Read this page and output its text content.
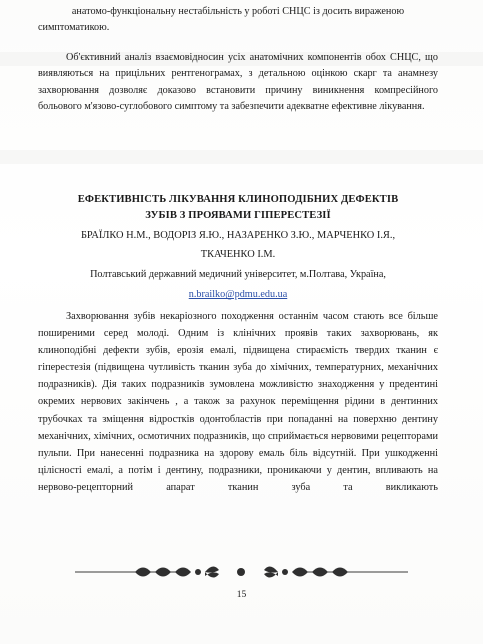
анатомо-функціональну нестабільність у роботі СНЦС із досить вираженою

симптоматикою.

Об'єктивний аналіз взаємовідносин усіх анатомічних компонентів обох СНЦС, що виявляються на прицільних рентгенограмах, з детальною оцінкою скарг та анамнезу захворювання дозволяє доказово встановити причину виникнення компресійного больового м'язово-суглобового симптому та забезпечити адекватне ефективне лікування.

ЕФЕКТИВНІСТЬ ЛІКУВАННЯ КЛИНОПОДІБНИХ ДЕФЕКТІВ

ЗУБІВ З ПРОЯВАМИ ГІПЕРЕСТЕЗІЇ

БРАЇЛКО Н.М., ВОДОРІЗ Я.Ю., НАЗАРЕНКО З.Ю., МАРЧЕНКО І.Я.,

ТКАЧЕНКО І.М.

Полтавський державний медичний університет, м.Полтава, Україна,

n.brailko@pdmu.edu.ua

Захворювання зубів некаріозного походження останнім часом стають все більше поширеними серед молоді. Одним із клінічних проявів таких захворювань, як клиноподібні дефекти зубів, ерозія емалі, підвищена стираємість твердих тканин є гіперестезія (підвищена чутливість тканин зуба до хімічних, температурних, механічних подразників). Дія таких подразників зумовлена можливістю знаходження у предентині окремих нервових закінчень , а також за рахунок переміщення рідини в дентинних трубочках та зміщення відростків одонтобластів при попаданні на поверхню дентину механічних, хімічних, осмотичних подразників, що сприймається нервовими рецепторами пульпи. При нанесенні подразника на здорову емаль біль відсутній. При ушкодженні цілісності емалі, а потім і дентину, подразники, проникаючи у дентин, впливають на нервово-рецепторний апарат тканин зуба та викликають

15
